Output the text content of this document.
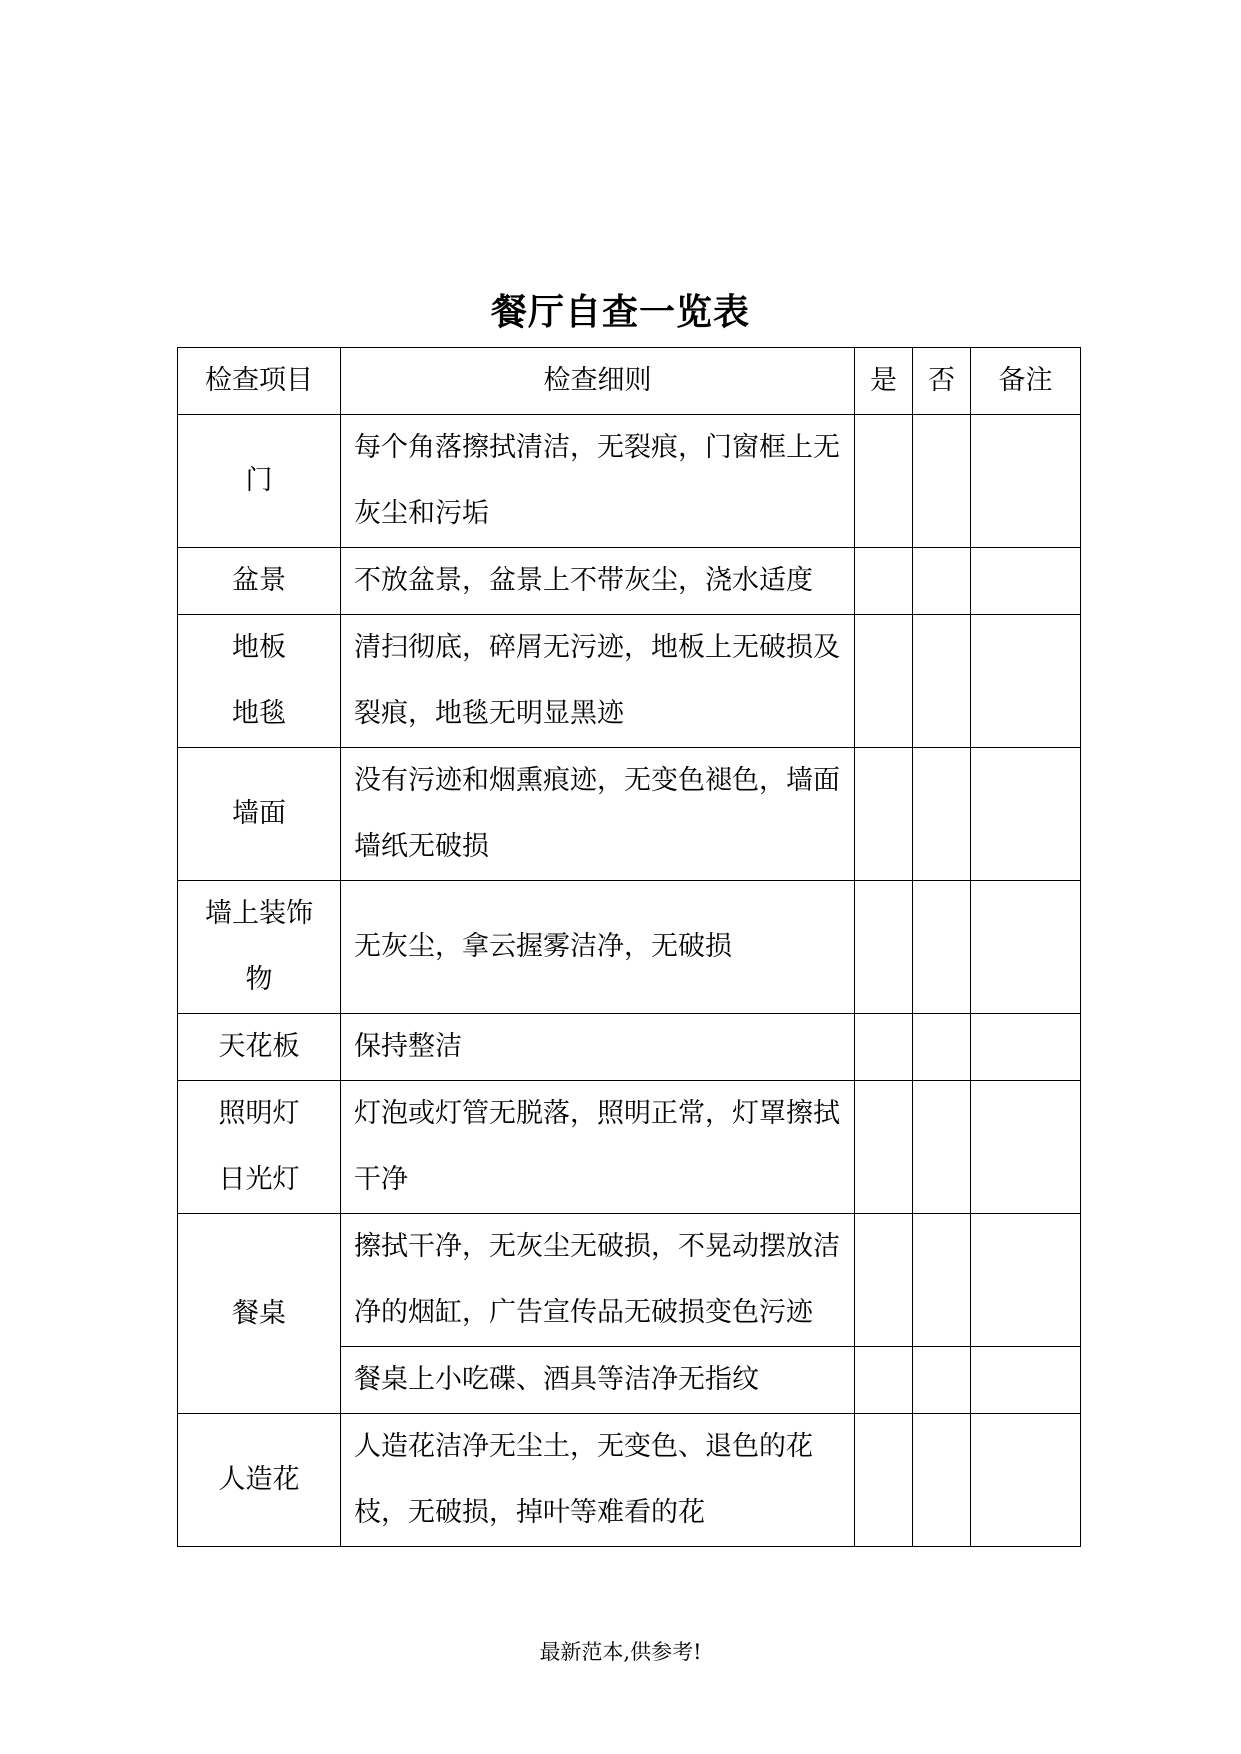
餐厅自查一览表
检查项目	检查细则	是	否	备注
门	每个角落擦拭清洁，无裂痕，门窗框上无灰尘和污垢			
盆景	不放盆景，盆景上不带灰尘，浇水适度			
地板地毯	清扫彻底，碎屑无污迹，地板上无破损及裂痕，地毯无明显黑迹			
墙面	没有污迹和烟熏痕迹，无变色褪色，墙面墙纸无破损			
墙上装饰物	无灰尘，拿云握雾洁净，无破损			
天花板	保持整洁			
照明灯日光灯	灯泡或灯管无脱落，照明正常，灯罩擦拭干净			
餐桌	擦拭干净，无灰尘无破损，不晃动摆放洁净的烟缸，广告宣传品无破损变色污迹			
	餐桌上小吃碟、酒具等洁净无指纹			
人造花	人造花洁净无尘土，无变色、退色的花枝，无破损，掉叶等难看的花			
最新范本,供参考!
